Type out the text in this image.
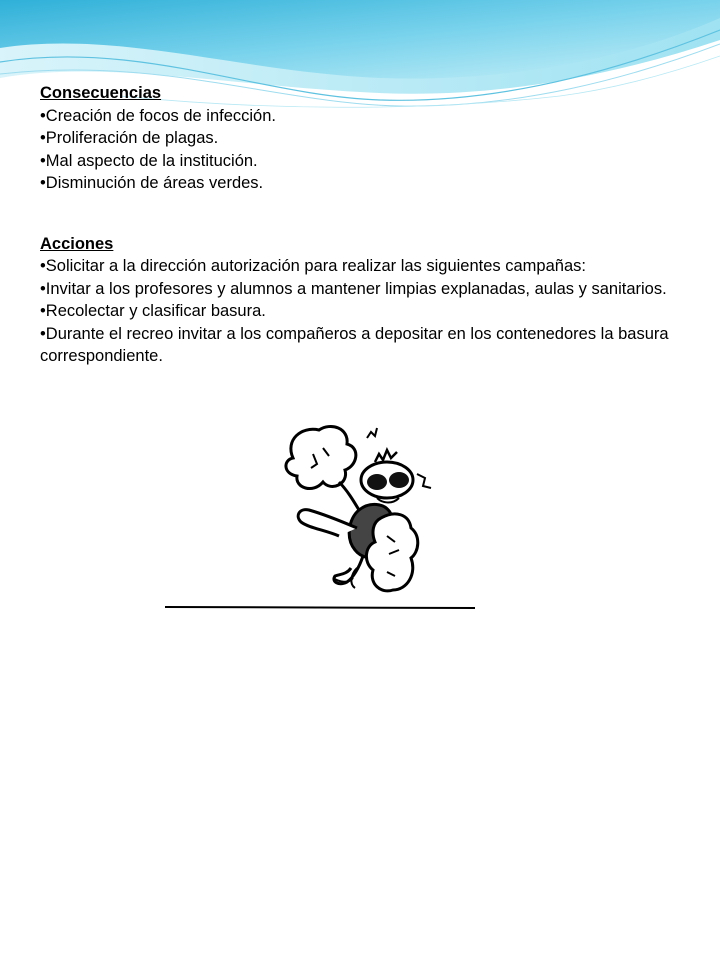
Consecuencias

•Creación de focos de infección.

•Proliferación de plagas.

•Mal aspecto de la institución.

•Disminución de áreas verdes.

Acciones

•Solicitar a la dirección autorización para realizar las siguientes campañas:

•Invitar a los profesores y alumnos a mantener limpias explanadas, aulas y sanitarios.

•Recolectar y clasificar basura.

•Durante el recreo invitar a los compañeros a depositar en los contenedores la basura correspondiente.
